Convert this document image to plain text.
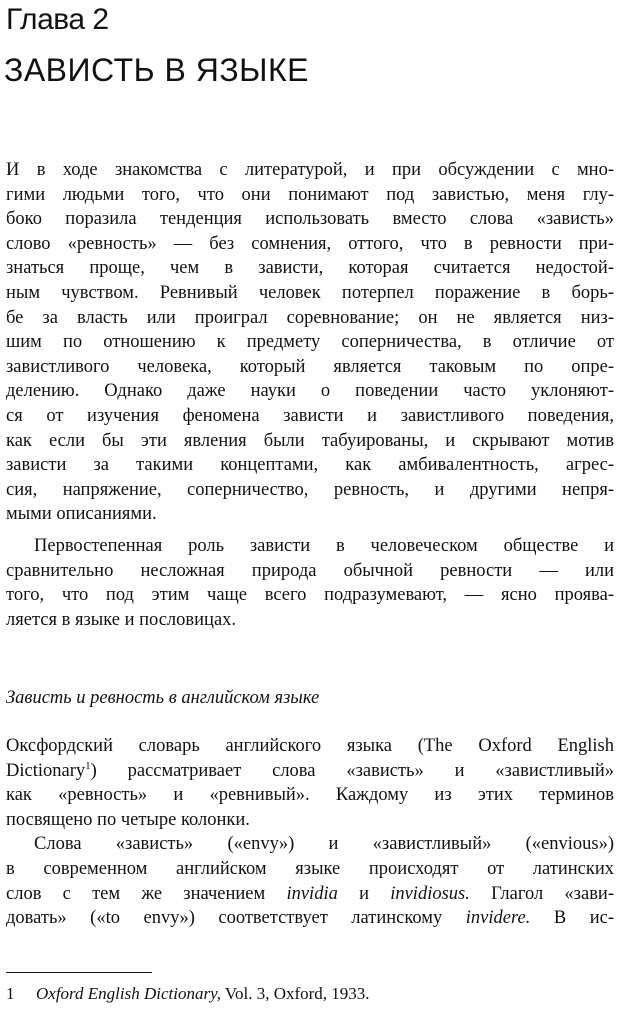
Глава 2
ЗАВИСТЬ В ЯЗЫКЕ

И в ходе знакомства с литературой, и при обсуждении с мно-
гими людьми того, что они понимают под завистью, меня глу-
боко поразила тенденция использовать вместо слова «зависть»
слово «ревность» — без сомнения, оттого, что в ревности при-
знаться проще, чем в зависти, которая считается недостой-
ным чувством. Ревнивый человек потерпел поражение в борь-
бе за власть или проиграл соревнование; он не является низ-
шим по отношению к предмету соперничества, в отличие от
завистливого человека, который является таковым по опре-
делению. Однако даже науки о поведении часто уклоняют-
ся от изучения феномена зависти и завистливого поведения,
как если бы эти явления были табуированы, и скрывают мотив
зависти за такими концептами, как амбивалентность, агрес-
сия, напряжение, соперничество, ревность, и другими непря-
мыми описаниями.

Первостепенная роль зависти в человеческом обществе и
сравнительно несложная природа обычной ревности — или
того, что под этим чаще всего подразумевают, — ясно проява-
ляется в языке и пословицах.

Зависть и ревность в английском языке

Оксфордский словарь английского языка (The Oxford English
Dictionary$^1$) рассматривает слова «зависть» и «завистливый»
как «ревность» и «ревнивый». Каждому из этих терминов
посвящено по четыре колонки.

Слова «зависть» («envy») и «завистливый» («envious»)
в современном английском языке происходят от латинских
слов с тем же значением invidia и invidiosus. Глагол «зави-
довать» («to envy») соответствует латинскому invidere. В ис-

1 Oxford English Dictionary, Vol. 3, Oxford, 1933.
